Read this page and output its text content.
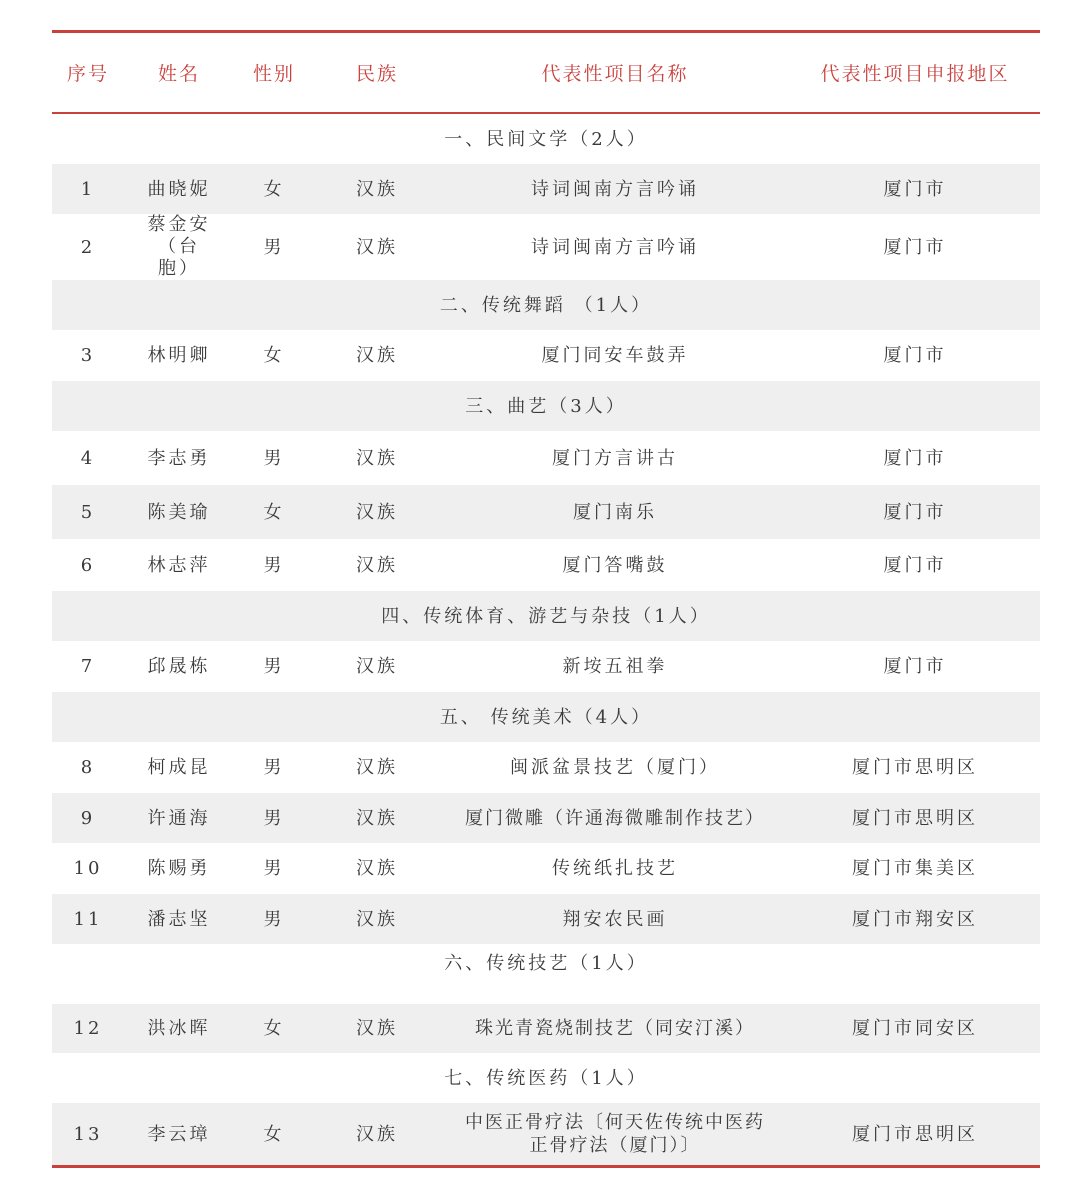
序号	姓名	性别	民族	代表性项目名称	代表性项目申报地区
一、民间文学（2人）					
1	曲晓妮	女	汉族	诗词闽南方言吟诵	厦门市
2	蔡金安（台胞）	男	汉族	诗词闽南方言吟诵	厦门市
二、传统舞蹈 （1人）					
3	林明卿	女	汉族	厦门同安车鼓弄	厦门市
三、曲艺（3人）					
4	李志勇	男	汉族	厦门方言讲古	厦门市
5	陈美瑜	女	汉族	厦门南乐	厦门市
6	林志萍	男	汉族	厦门答嘴鼓	厦门市
四、传统体育、游艺与杂技（1人）					
7	邱晟栋	男	汉族	新垵五祖拳	厦门市
五、 传统美术（4人）					
8	柯成昆	男	汉族	闽派盆景技艺（厦门）	厦门市思明区
9	许通海	男	汉族	厦门微雕（许通海微雕制作技艺）	厦门市思明区
10	陈赐勇	男	汉族	传统纸扎技艺	厦门市集美区
11	潘志坚	男	汉族	翔安农民画	厦门市翔安区
六、传统技艺（1人）					
12	洪冰晖	女	汉族	珠光青瓷烧制技艺（同安汀溪）	厦门市同安区
七、传统医药（1人）					
13	李云璋	女	汉族	中医正骨疗法〔何天佐传统中医药正骨疗法（厦门）〕	厦门市思明区
